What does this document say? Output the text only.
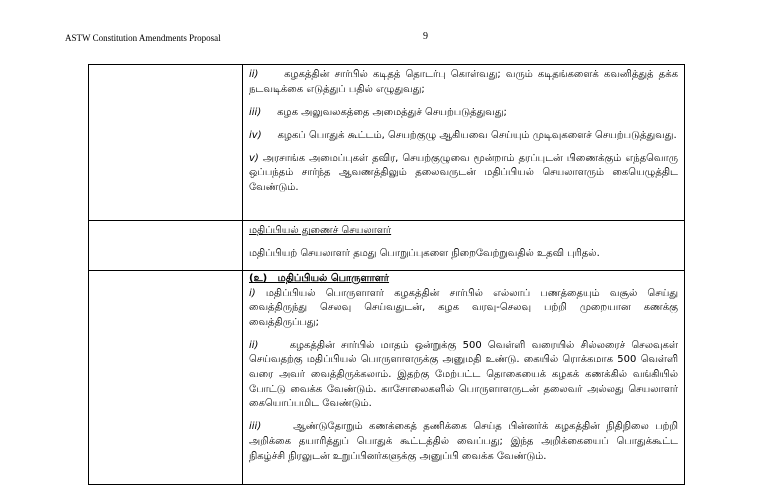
ASTW Constitution Amendments Proposal	9

	ii) கழகத்தின் சார்பில் கடிதத் தொடர்பு கொள்வது; வரும் கடிதங்களைக் கவனித்துத் தக்க நடவடிக்கை எடுத்துப் பதில் எழுதுவது;

iii) கழக அலுவலகத்தை அமைத்துச் செயற்படுத்துவது;

iv) கழகப் பொதுக் கூட்டம், செயற்குழு ஆகியவை செய்யும் முடிவுகளைச் செயற்படுத்துவது.

v) அரசாங்க அமைப்புகள் தவிர, செயற்குழுவை மூன்றாம் தரப்புடன் பிணைக்கும் எந்தவொரு ஒப்பந்தம் சார்ந்த ஆவணத்திலும் தலைவருடன் மதிப்பியல் செயலாளரும் கையெழுத்திட வேண்டும்.

	மதிப்பியல் துணைச் செயலாளர்

மதிப்பியற் செயலாளர் தமது பொறுப்புகளை நிறைவேற்றுவதில் உதவி புரிதல்.

	(உ)   மதிப்பியல் பொருளாளர்

i) மதிப்பியல் பொருளாளர் கழகத்தின் சார்பில் எல்லாப் பணத்தையும் வசூல் செய்து வைத்திருந்து செலவு செய்வதுடன், கழக வரவு-செலவு பற்றி முறையான கணக்கு வைத்திருப்பது;

ii) கழகத்தின் சார்பில் மாதம் ஒன்றுக்கு 500 வெள்ளி வரையில் சில்லரைச் செலவுகள் செய்வதற்கு மதிப்பியல் பொருளாளருக்கு அனுமதி உண்டு. கையில் ரொக்கமாக 500 வெள்ளி வரை அவர் வைத்திருக்கலாம். இதற்கு மேற்பட்ட தொகையைக் கழகக் கணக்கில் வங்கியில் போட்டு வைக்க வேண்டும். காசோலைகளில் பொருளாளருடன் தலைவர் அல்லது செயலாளர் கையொப்பமிட வேண்டும்.

iii) ஆண்டுதோறும் கணக்கைத் தணிக்கை செய்த பின்னர்க் கழகத்தின் நிதிநிலை பற்றி அறிக்கை தயாரித்துப் பொதுக் கூட்டத்தில் வைப்பது; இந்த அறிக்கையைப் பொதுக்கூட்ட நிகழ்ச்சி நிரலுடன் உறுப்பினர்களுக்கு அனுப்பி வைக்க வேண்டும்.
